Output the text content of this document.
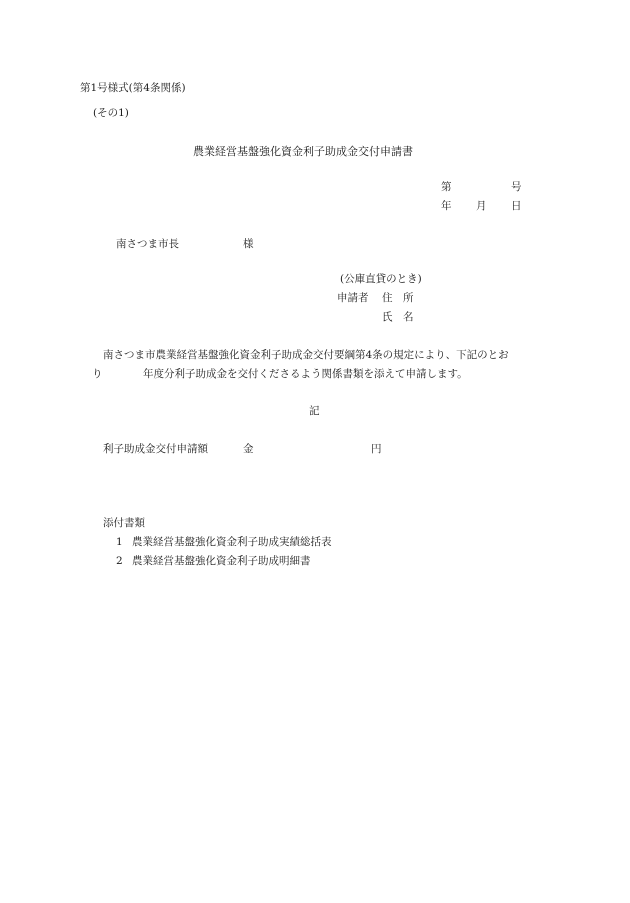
第1号様式(第4条関係)
(その1)
農業経営基盤強化資金利子助成金交付申請書
第	号
年 月 日
南さつま市長	様
(公庫直貸のとき)
申請者 住　所
氏　名
南さつま市農業経営基盤強化資金利子助成金交付要綱第4条の規定により、下記のとお
り	年度分利子助成金を交付くださるよう関係書類を添えて申請します。
記
利子助成金交付申請額	金	円
添付書類
1 農業経営基盤強化資金利子助成実績総括表
2 農業経営基盤強化資金利子助成明細書
